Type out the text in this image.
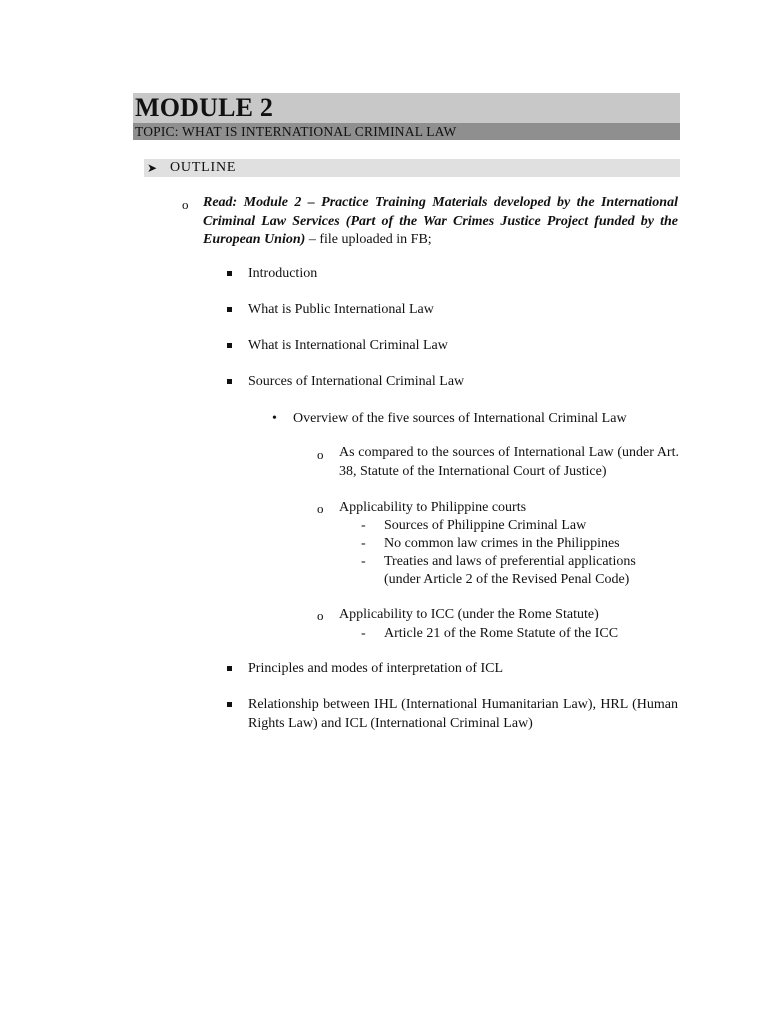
MODULE 2
TOPIC: WHAT IS INTERNATIONAL CRIMINAL LAW
➤ OUTLINE
o Read: Module 2 – Practice Training Materials developed by the International Criminal Law Services (Part of the War Crimes Justice Project funded by the European Union) – file uploaded in FB;
Introduction
What is Public International Law
What is International Criminal Law
Sources of International Criminal Law
• Overview of the five sources of International Criminal Law
o As compared to the sources of International Law (under Art. 38, Statute of the International Court of Justice)
o Applicability to Philippine courts
- Sources of Philippine Criminal Law
- No common law crimes in the Philippines
- Treaties and laws of preferential applications
(under Article 2 of the Revised Penal Code)
o Applicability to ICC (under the Rome Statute)
- Article 21 of the Rome Statute of the ICC
Principles and modes of interpretation of ICL
Relationship between IHL (International Humanitarian Law), HRL (Human Rights Law) and ICL (International Criminal Law)
